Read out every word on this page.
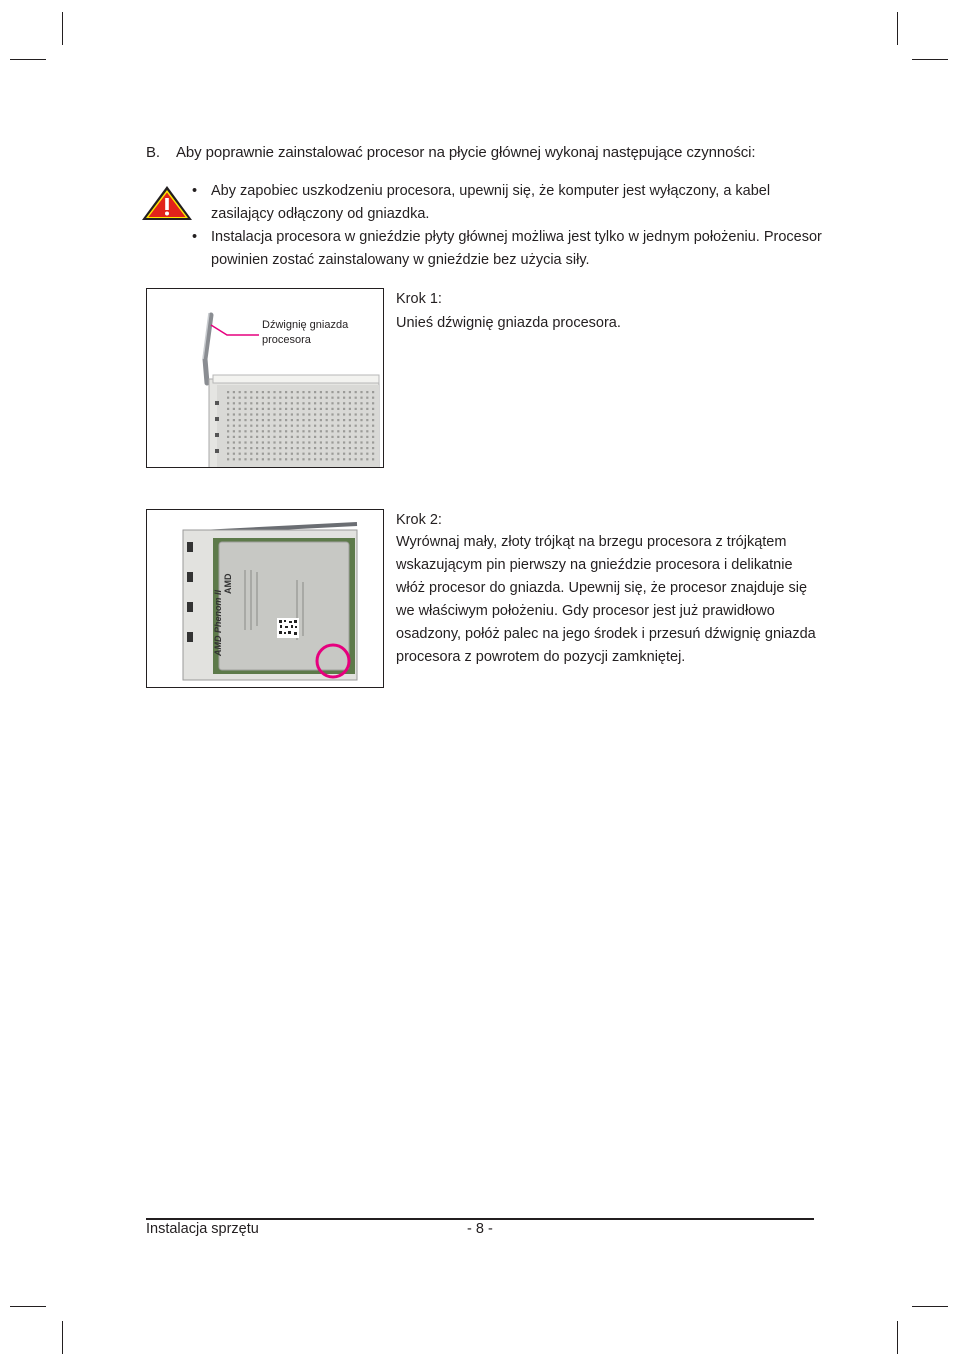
B. Aby poprawnie zainstalować procesor na płycie głównej wykonaj następujące czynności:
• Aby zapobiec uszkodzeniu procesora, upewnij się, że komputer jest wyłączony, a kabel zasilający odłączony od gniazdka.
• Instalacja procesora w gnieździe płyty głównej możliwa jest tylko w jednym położeniu. Procesor powinien zostać zainstalowany w gnieździe bez użycia siły.
Dźwignię gniazda procesora
Krok 1:
Unieś dźwignię gniazda procesora.
AMD
AMD Phenom II
Krok 2:
Wyrównaj mały, złoty trójkąt na brzegu procesora z trójkątem wskazującym pin pierwszy na gnieździe procesora i delikatnie włóż procesor do gniazda. Upewnij się, że procesor znajduje się we właściwym położeniu. Gdy procesor jest już prawidłowo osadzony, połóż palec na jego środek i przesuń dźwignię gniazda procesora z powrotem do pozycji zamkniętej.
Instalacja sprzętu	- 8 -
